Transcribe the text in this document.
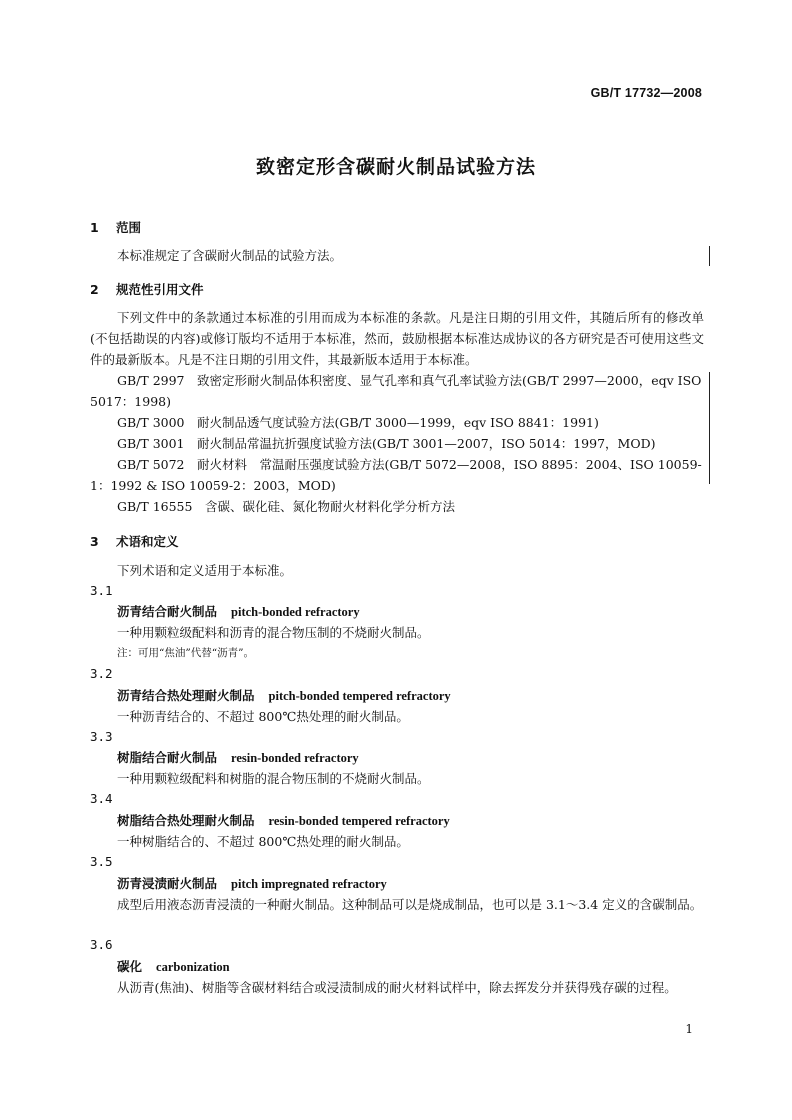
GB/T 17732—2008
致密定形含碳耐火制品试验方法
1 范围
本标准规定了含碳耐火制品的试验方法。
2 规范性引用文件
下列文件中的条款通过本标准的引用而成为本标准的条款。凡是注日期的引用文件，其随后所有的修改单(不包括勘误的内容)或修订版均不适用于本标准，然而，鼓励根据本标准达成协议的各方研究是否可使用这些文件的最新版本。凡是不注日期的引用文件，其最新版本适用于本标准。
GB/T 2997　致密定形耐火制品体积密度、显气孔率和真气孔率试验方法(GB/T 2997—2000，eqv ISO 5017：1998)
GB/T 3000　耐火制品透气度试验方法(GB/T 3000—1999，eqv ISO 8841：1991)
GB/T 3001　耐火制品常温抗折强度试验方法(GB/T 3001—2007，ISO 5014：1997，MOD)
GB/T 5072　耐火材料　常温耐压强度试验方法(GB/T 5072—2008，ISO 8895：2004、ISO 10059-1：1992 & ISO 10059-2：2003，MOD)
GB/T 16555　含碳、碳化硅、氮化物耐火材料化学分析方法
3 术语和定义
下列术语和定义适用于本标准。
3.1
沥青结合耐火制品 pitch-bonded refractory
一种用颗粒级配料和沥青的混合物压制的不烧耐火制品。
注：可用“焦油”代替“沥青”。
3.2
沥青结合热处理耐火制品 pitch-bonded tempered refractory
一种沥青结合的、不超过 800℃热处理的耐火制品。
3.3
树脂结合耐火制品 resin-bonded refractory
一种用颗粒级配料和树脂的混合物压制的不烧耐火制品。
3.4
树脂结合热处理耐火制品 resin-bonded tempered refractory
一种树脂结合的、不超过 800℃热处理的耐火制品。
3.5
沥青浸渍耐火制品 pitch impregnated refractory
成型后用液态沥青浸渍的一种耐火制品。这种制品可以是烧成制品，也可以是 3.1～3.4 定义的含碳制品。
3.6
碳化 carbonization
从沥青(焦油)、树脂等含碳材料结合或浸渍制成的耐火材料试样中，除去挥发分并获得残存碳的过程。
1
